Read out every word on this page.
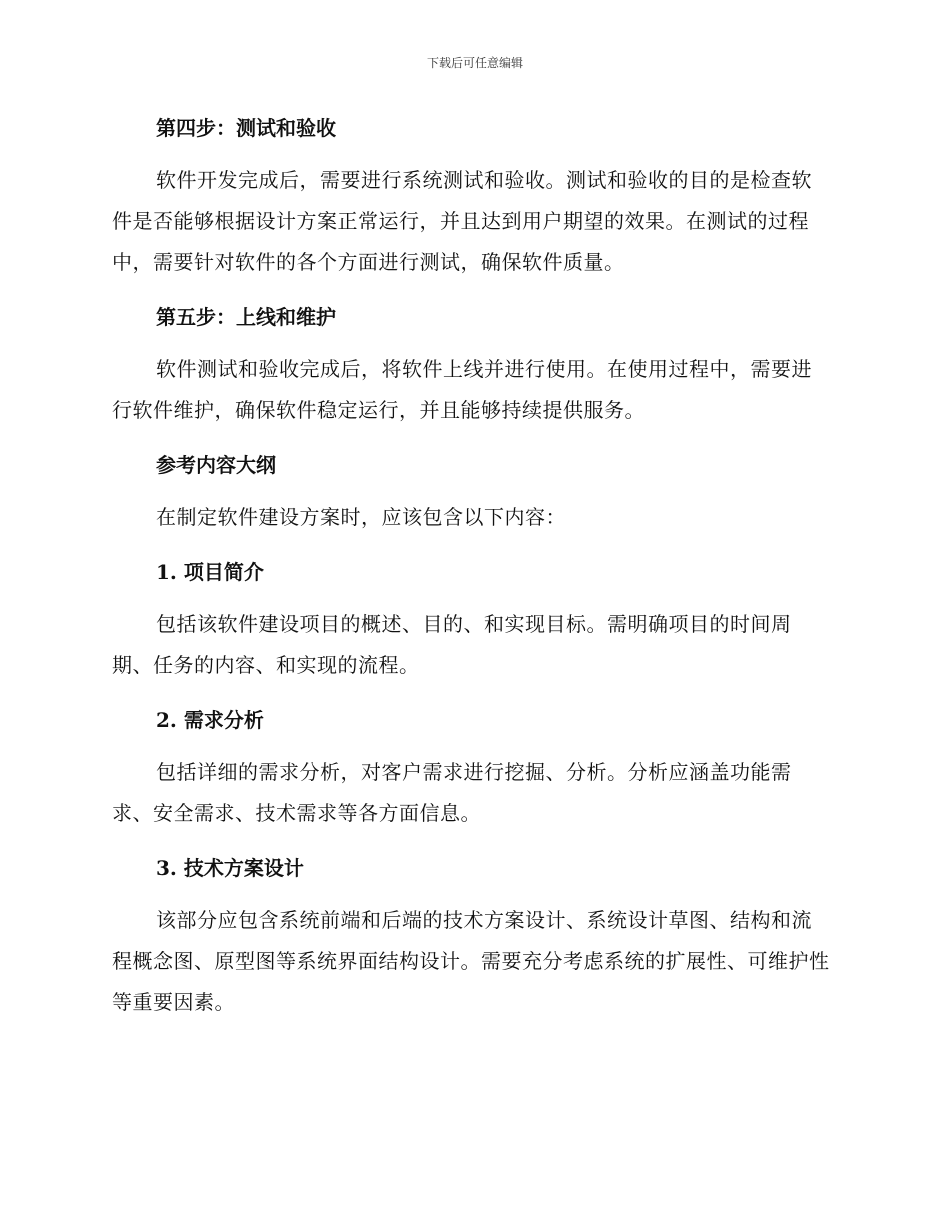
下载后可任意编辑
第四步：测试和验收

软件开发完成后，需要进行系统测试和验收。测试和验收的目的是检查软件是否能够根据设计方案正常运行，并且达到用户期望的效果。在测试的过程中，需要针对软件的各个方面进行测试，确保软件质量。

第五步：上线和维护

软件测试和验收完成后，将软件上线并进行使用。在使用过程中，需要进行软件维护，确保软件稳定运行，并且能够持续提供服务。

参考内容大纲

在制定软件建设方案时，应该包含以下内容：

1. 项目简介

包括该软件建设项目的概述、目的、和实现目标。需明确项目的时间周期、任务的内容、和实现的流程。

2. 需求分析

包括详细的需求分析，对客户需求进行挖掘、分析。分析应涵盖功能需求、安全需求、技术需求等各方面信息。

3. 技术方案设计

该部分应包含系统前端和后端的技术方案设计、系统设计草图、结构和流程概念图、原型图等系统界面结构设计。需要充分考虑系统的扩展性、可维护性等重要因素。
